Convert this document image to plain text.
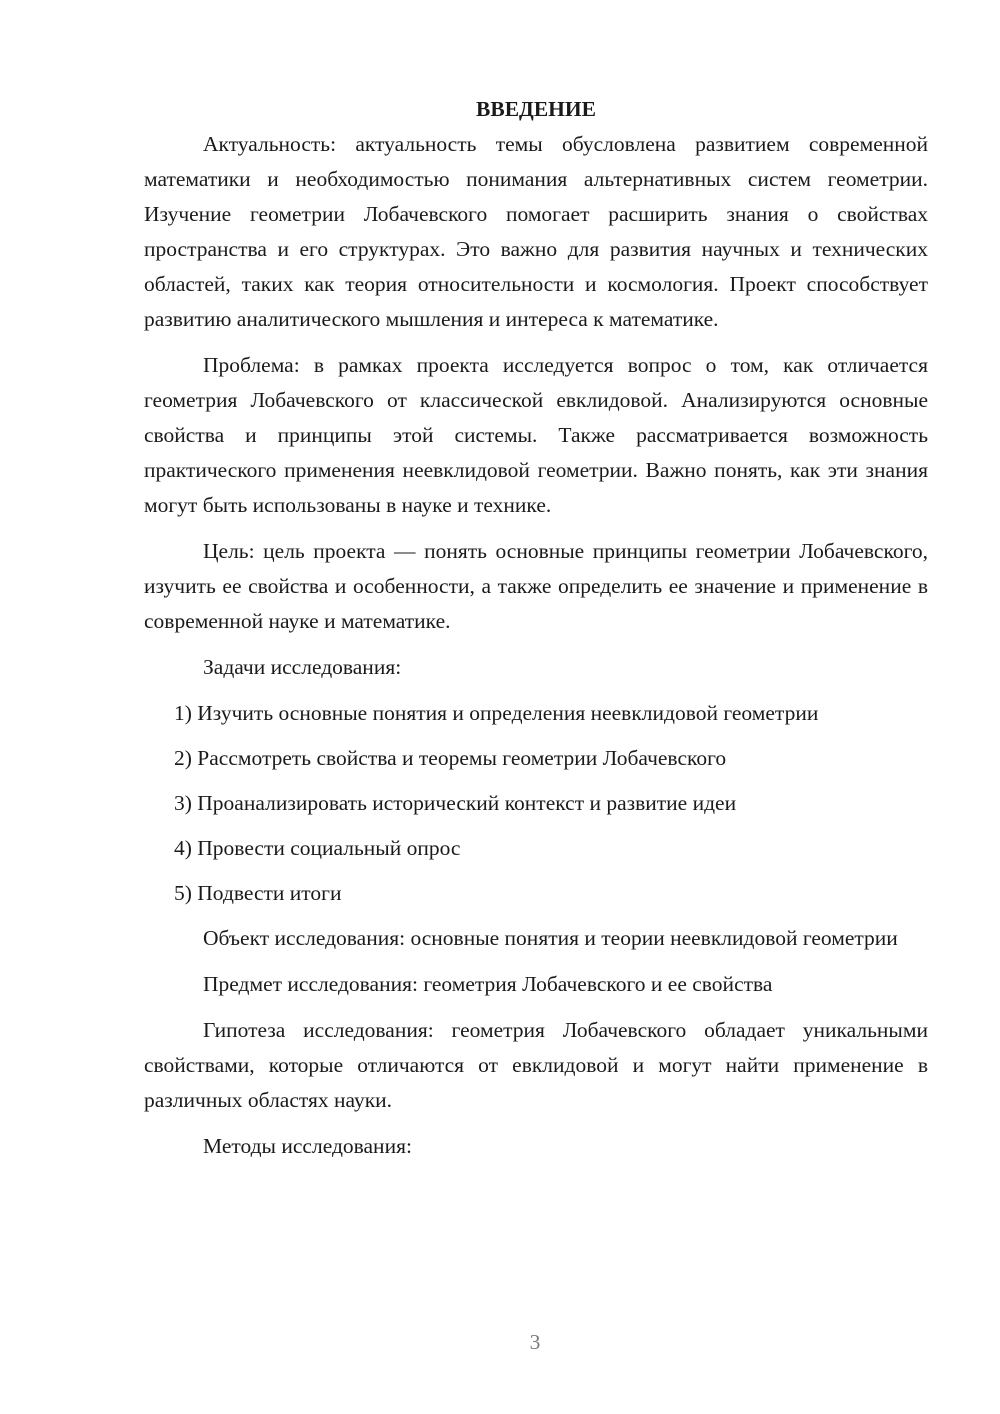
ВВЕДЕНИЕ

Актуальность: актуальность темы обусловлена развитием современной математики и необходимостью понимания альтернативных систем геометрии. Изучение геометрии Лобачевского помогает расширить знания о свойствах пространства и его структурах. Это важно для развития научных и технических областей, таких как теория относительности и космология. Проект способствует развитию аналитического мышления и интереса к математике.

Проблема: в рамках проекта исследуется вопрос о том, как отличается геометрия Лобачевского от классической евклидовой. Анализируются основные свойства и принципы этой системы. Также рассматривается возможность практического применения неевклидовой геометрии. Важно понять, как эти знания могут быть использованы в науке и технике.

Цель: цель проекта — понять основные принципы геометрии Лобачевского, изучить ее свойства и особенности, а также определить ее значение и применение в современной науке и математике.

Задачи исследования:

1) Изучить основные понятия и определения неевклидовой геометрии
2) Рассмотреть свойства и теоремы геометрии Лобачевского
3) Проанализировать исторический контекст и развитие идеи
4) Провести социальный опрос
5) Подвести итоги

Объект исследования: основные понятия и теории неевклидовой геометрии

Предмет исследования: геометрия Лобачевского и ее свойства

Гипотеза исследования: геометрия Лобачевского обладает уникальными свойствами, которые отличаются от евклидовой и могут найти применение в различных областях науки.

Методы исследования:

3
